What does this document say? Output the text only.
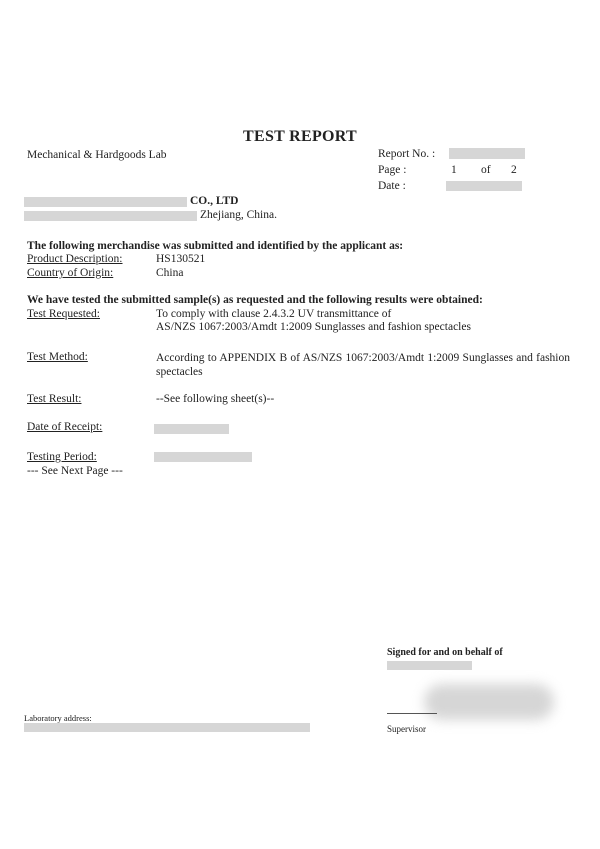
TEST REPORT
Mechanical & Hardgoods Lab	Report No. :
Page :	1 of 2
Date :
CO., LTD
Zhejiang, China.
The following merchandise was submitted and identified by the applicant as:
Product Description:	HS130521
Country of Origin:	China
We have tested the submitted sample(s) as requested and the following results were obtained:
Test Requested:	To comply with clause 2.4.3.2 UV transmittance of
AS/NZS 1067:2003/Amdt 1:2009 Sunglasses and fashion spectacles
Test Method:	According to APPENDIX B of AS/NZS 1067:2003/Amdt 1:2009 Sunglasses and fashion spectacles
Test Result:	--See following sheet(s)--
Date of Receipt:
Testing Period:
--- See Next Page ---
Signed for and on behalf of
Supervisor
Laboratory address:
